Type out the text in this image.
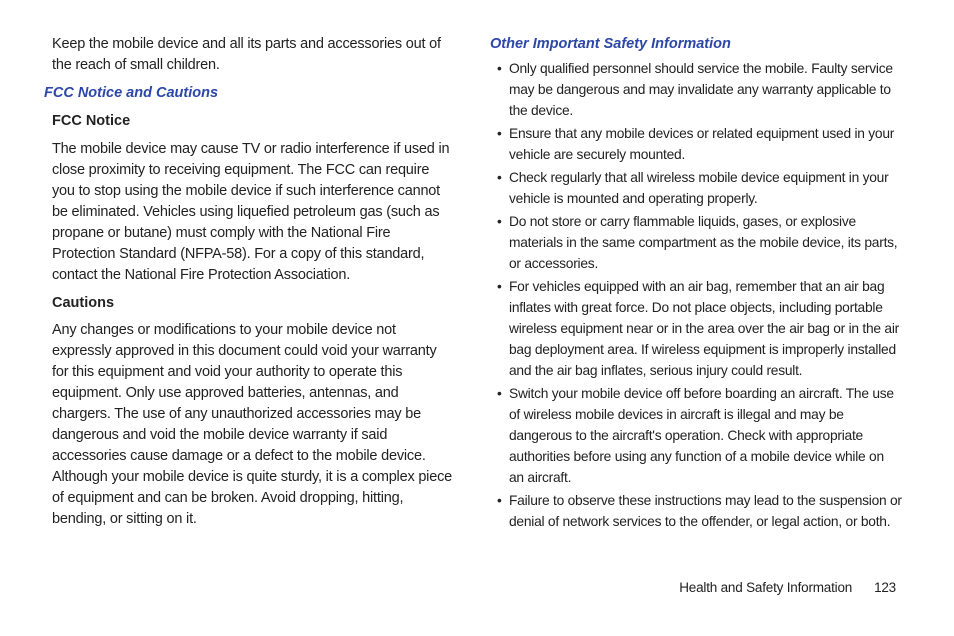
Keep the mobile device and all its parts and accessories out of the reach of small children.

FCC Notice and Cautions
FCC Notice

The mobile device may cause TV or radio interference if used in close proximity to receiving equipment. The FCC can require you to stop using the mobile device if such interference cannot be eliminated. Vehicles using liquefied petroleum gas (such as propane or butane) must comply with the National Fire Protection Standard (NFPA-58). For a copy of this standard, contact the National Fire Protection Association.

Cautions

Any changes or modifications to your mobile device not expressly approved in this document could void your warranty for this equipment and void your authority to operate this equipment. Only use approved batteries, antennas, and chargers. The use of any unauthorized accessories may be dangerous and void the mobile device warranty if said accessories cause damage or a defect to the mobile device. Although your mobile device is quite sturdy, it is a complex piece of equipment and can be broken. Avoid dropping, hitting, bending, or sitting on it.

Other Important Safety Information
• Only qualified personnel should service the mobile. Faulty service may be dangerous and may invalidate any warranty applicable to the device.
• Ensure that any mobile devices or related equipment used in your vehicle are securely mounted.
• Check regularly that all wireless mobile device equipment in your vehicle is mounted and operating properly.
• Do not store or carry flammable liquids, gases, or explosive materials in the same compartment as the mobile device, its parts, or accessories.
• For vehicles equipped with an air bag, remember that an air bag inflates with great force. Do not place objects, including portable wireless equipment near or in the area over the air bag or in the air bag deployment area. If wireless equipment is improperly installed and the air bag inflates, serious injury could result.
• Switch your mobile device off before boarding an aircraft. The use of wireless mobile devices in aircraft is illegal and may be dangerous to the aircraft's operation. Check with appropriate authorities before using any function of a mobile device while on an aircraft.
• Failure to observe these instructions may lead to the suspension or denial of network services to the offender, or legal action, or both.
Health and Safety Information 123
